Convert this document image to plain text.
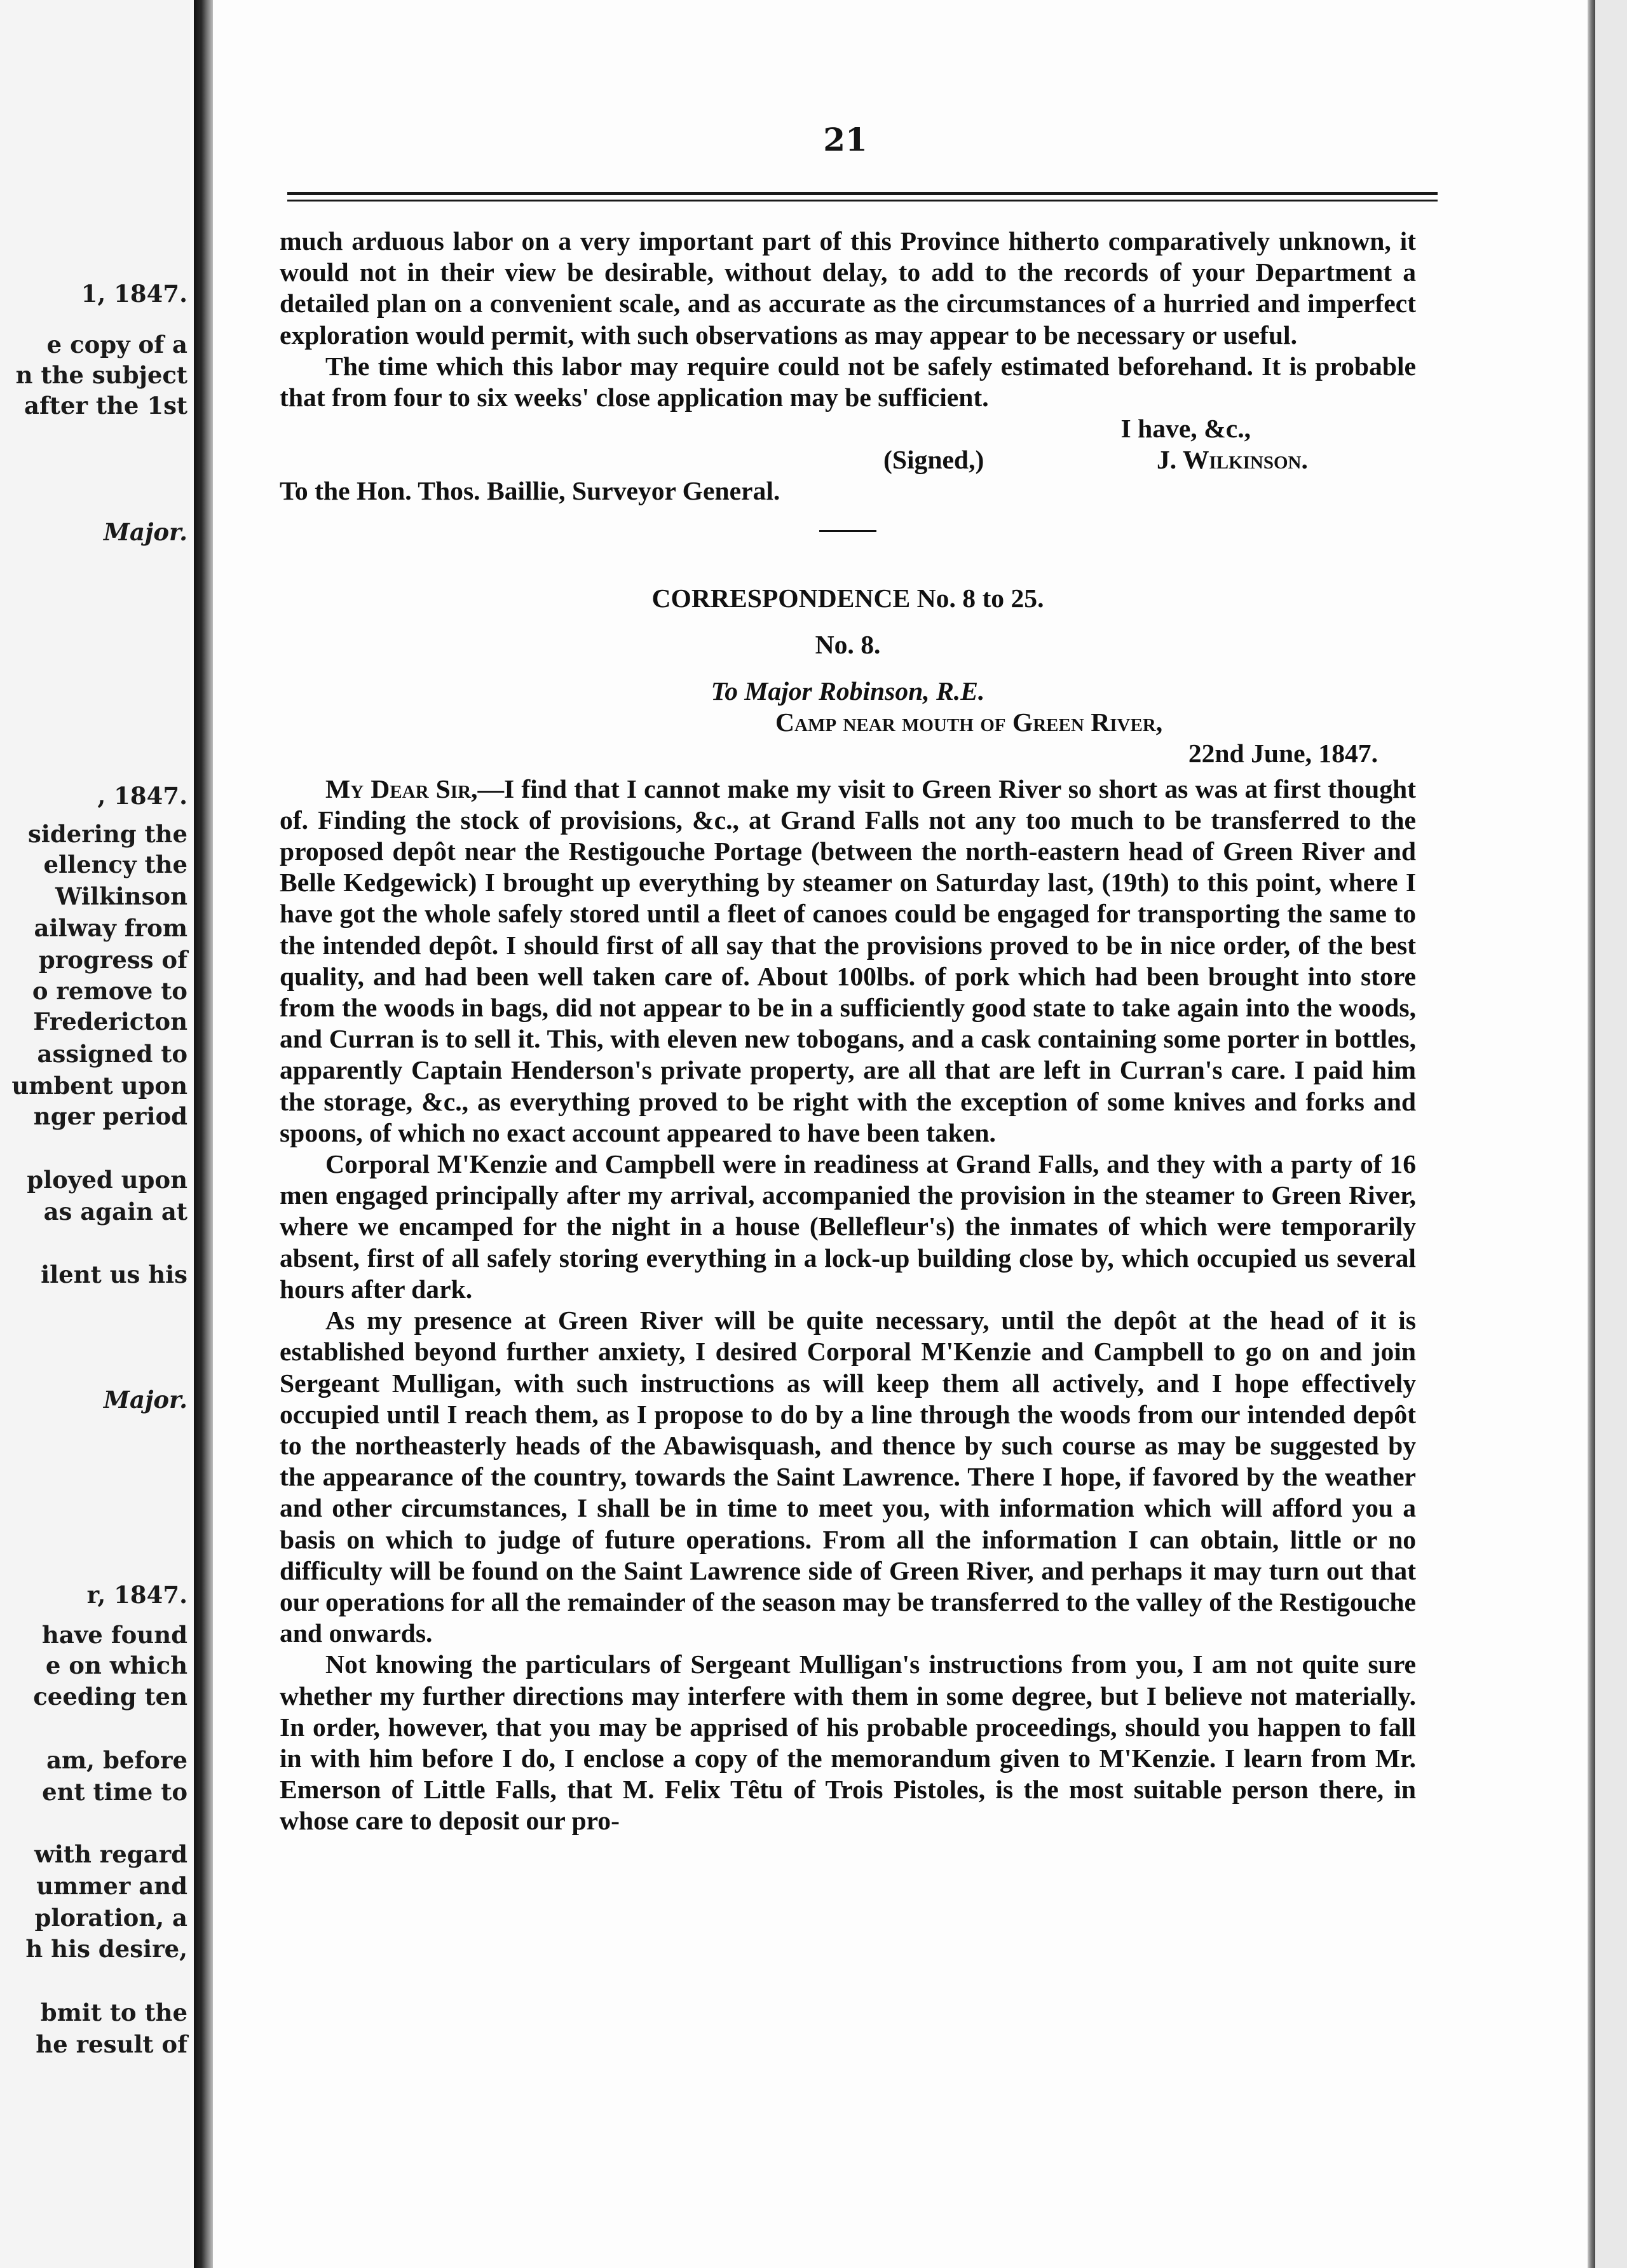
1, 1847.
e copy of a
n the subject
after the 1st
Major.
, 1847.
sidering the
ellency the
Wilkinson
ailway from
progress of
o remove to
Fredericton
assigned to
umbent upon
nger period
ployed upon
as again at
ilent us his
Major.
r, 1847.
have found
e on which
ceeding ten
am, before
ent time to
with regard
ummer and
ploration, a
h his desire,
bmit to the
he result of
21

much arduous labor on a very important part of this Province hitherto comparatively unknown, it would not in their view be desirable, without delay, to add to the records of your Department a detailed plan on a convenient scale, and as accurate as the circumstances of a hurried and imperfect exploration would permit, with such observations as may appear to be necessary or useful.

The time which this labor may require could not be safely estimated beforehand. It is probable that from four to six weeks' close application may be sufficient.

I have, &c.,
(Signed,)	J. Wilkinson.
To the Hon. Thos. Baillie, Surveyor General.
CORRESPONDENCE No. 8 to 25.
No. 8.
To Major Robinson, R.E.
Camp near mouth of Green River,
22nd June, 1847.

My Dear Sir,—I find that I cannot make my visit to Green River so short as was at first thought of. Finding the stock of provisions, &c., at Grand Falls not any too much to be transferred to the proposed depôt near the Restigouche Portage (between the north-eastern head of Green River and Belle Kedgewick) I brought up everything by steamer on Saturday last, (19th) to this point, where I have got the whole safely stored until a fleet of canoes could be engaged for transporting the same to the intended depôt. I should first of all say that the provisions proved to be in nice order, of the best quality, and had been well taken care of. About 100lbs. of pork which had been brought into store from the woods in bags, did not appear to be in a sufficiently good state to take again into the woods, and Curran is to sell it. This, with eleven new tobogans, and a cask containing some porter in bottles, apparently Captain Henderson's private property, are all that are left in Curran's care. I paid him the storage, &c., as everything proved to be right with the exception of some knives and forks and spoons, of which no exact account appeared to have been taken.

Corporal M'Kenzie and Campbell were in readiness at Grand Falls, and they with a party of 16 men engaged principally after my arrival, accompanied the provision in the steamer to Green River, where we encamped for the night in a house (Bellefleur's) the inmates of which were temporarily absent, first of all safely storing everything in a lock-up building close by, which occupied us several hours after dark.

As my presence at Green River will be quite necessary, until the depôt at the head of it is established beyond further anxiety, I desired Corporal M'Kenzie and Campbell to go on and join Sergeant Mulligan, with such instructions as will keep them all actively, and I hope effectively occupied until I reach them, as I propose to do by a line through the woods from our intended depôt to the northeasterly heads of the Abawisquash, and thence by such course as may be suggested by the appearance of the country, towards the Saint Lawrence. There I hope, if favored by the weather and other circumstances, I shall be in time to meet you, with information which will afford you a basis on which to judge of future operations. From all the information I can obtain, little or no difficulty will be found on the Saint Lawrence side of Green River, and perhaps it may turn out that our operations for all the remainder of the season may be transferred to the valley of the Restigouche and onwards.

Not knowing the particulars of Sergeant Mulligan's instructions from you, I am not quite sure whether my further directions may interfere with them in some degree, but I believe not materially. In order, however, that you may be apprised of his probable proceedings, should you happen to fall in with him before I do, I enclose a copy of the memorandum given to M'Kenzie. I learn from Mr. Emerson of Little Falls, that M. Felix Têtu of Trois Pistoles, is the most suitable person there, in whose care to deposit our pro-
